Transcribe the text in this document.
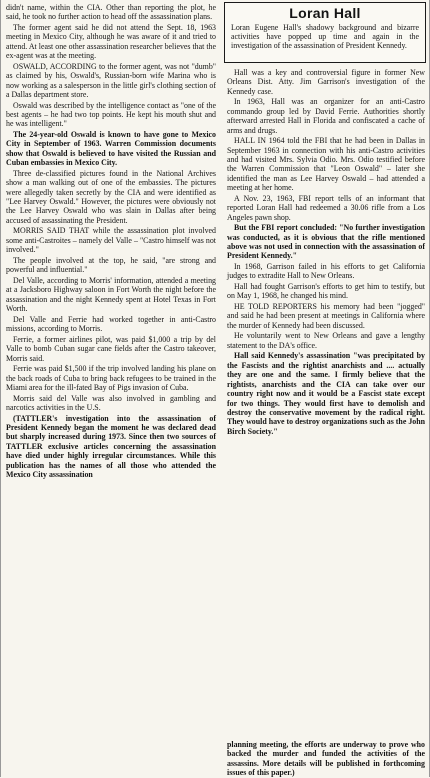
didn't name, within the CIA. Other than reporting the plot, he said, he took no further action to head off the assassination plans.

The former agent said he did not attend the Sept. 18, 1963 meeting in Mexico City, although he was aware of it and tried to attend. At least one other assassination researcher believes that the ex-agent was at the meeting.

OSWALD, ACCORDING to the former agent, was not "dumb" as claimed by his, Oswald's, Russian-born wife Marina who is now working as a salesperson in the little girl's clothing section of a Dallas department store.

Oswald was described by the intelligence contact as "one of the best agents – he had two top points. He kept his mouth shut and he was intelligent."

The 24-year-old Oswald is known to have gone to Mexico City in September of 1963. Warren Commission documents show that Oswald is believed to have visited the Russian and Cuban embassies in Mexico City.

Three de-classified pictures found in the National Archives show a man walking out of one of the embassies. The pictures were allegedly taken secretly by the CIA and were identified as "Lee Harvey Oswald." However, the pictures were obviously not the Lee Harvey Oswald who was slain in Dallas after being accused of assassinating the President.

MORRIS SAID THAT while the assassination plot involved some anti-Castroites – namely del Valle – "Castro himself was not involved."

The people involved at the top, he said, "are strong and powerful and influential."

Del Valle, according to Morris' information, attended a meeting at a Jacksboro Highway saloon in Fort Worth the night before the assassination and the night Kennedy spent at Hotel Texas in Fort Worth.

Del Valle and Ferrie had worked together in anti-Castro missions, according to Morris.

Ferrie, a former airlines pilot, was paid $1,000 a trip by del Valle to bomb Cuban sugar cane fields after the Castro takeover, Morris said.

Ferrie was paid $1,500 if the trip involved landing his plane on the back roads of Cuba to bring back refugees to be trained in the Miami area for the ill-fated Bay of Pigs invasion of Cuba.

Morris said del Valle was also involved in gambling and narcotics activities in the U.S.

(TATTLER's investigation into the assassination of President Kennedy began the moment he was declared dead but sharply increased during 1973. Since then two sources of TATTLER exclusive articles concerning the assassination have died under highly irregular circumstances. While this publication has the names of all those who attended the Mexico City assassination

Loran Hall
Loran Eugene Hall's shadowy background and bizarre activities have popped up time and again in the investigation of the assassination of President Kennedy.

Hall was a key and controversial figure in former New Orleans Dist. Atty. Jim Garrison's investigation of the Kennedy case.

In 1963, Hall was an organizer for an anti-Castro commando group led by David Ferrie. Authorities shortly afterward arrested Hall in Florida and confiscated a cache of arms and drugs.

HALL IN 1964 told the FBI that he had been in Dallas in September 1963 in connection with his anti-Castro activities and had visited Mrs. Sylvia Odio. Mrs. Odio testified before the Warren Commission that "Leon Oswald" – later she identified the man as Lee Harvey Oswald – had attended a meeting at her home.

A Nov. 23, 1963, FBI report tells of an informant that reported Loran Hall had redeemed a 30.06 rifle from a Los Angeles pawn shop.

But the FBI report concluded: "No further investigation was conducted, as it is obvious that the rifle mentioned above was not used in connection with the assassination of President Kennedy."

In 1968, Garrison failed in his efforts to get California judges to extradite Hall to New Orleans.

Hall had fought Garrison's efforts to get him to testify, but on May 1, 1968, he changed his mind.

HE TOLD REPORTERS his memory had been "jogged" and said he had been present at meetings in California where the murder of Kennedy had been discussed.

He voluntarily went to New Orleans and gave a lengthy statement to the DA's office.

Hall said Kennedy's assassination "was precipitated by the Fascists and the rightist anarchists and .... actually they are one and the same. I firmly believe that the rightists, anarchists and the CIA can take over our country right now and it would be a Fascist state except for two things. They would first have to demolish and destroy the conservative movement by the radical right. They would have to destroy organizations such as the John Birch Society."

planning meeting, the efforts are underway to prove who backed the murder and funded the activities of the assassins. More details will be published in forthcoming issues of this paper.)
